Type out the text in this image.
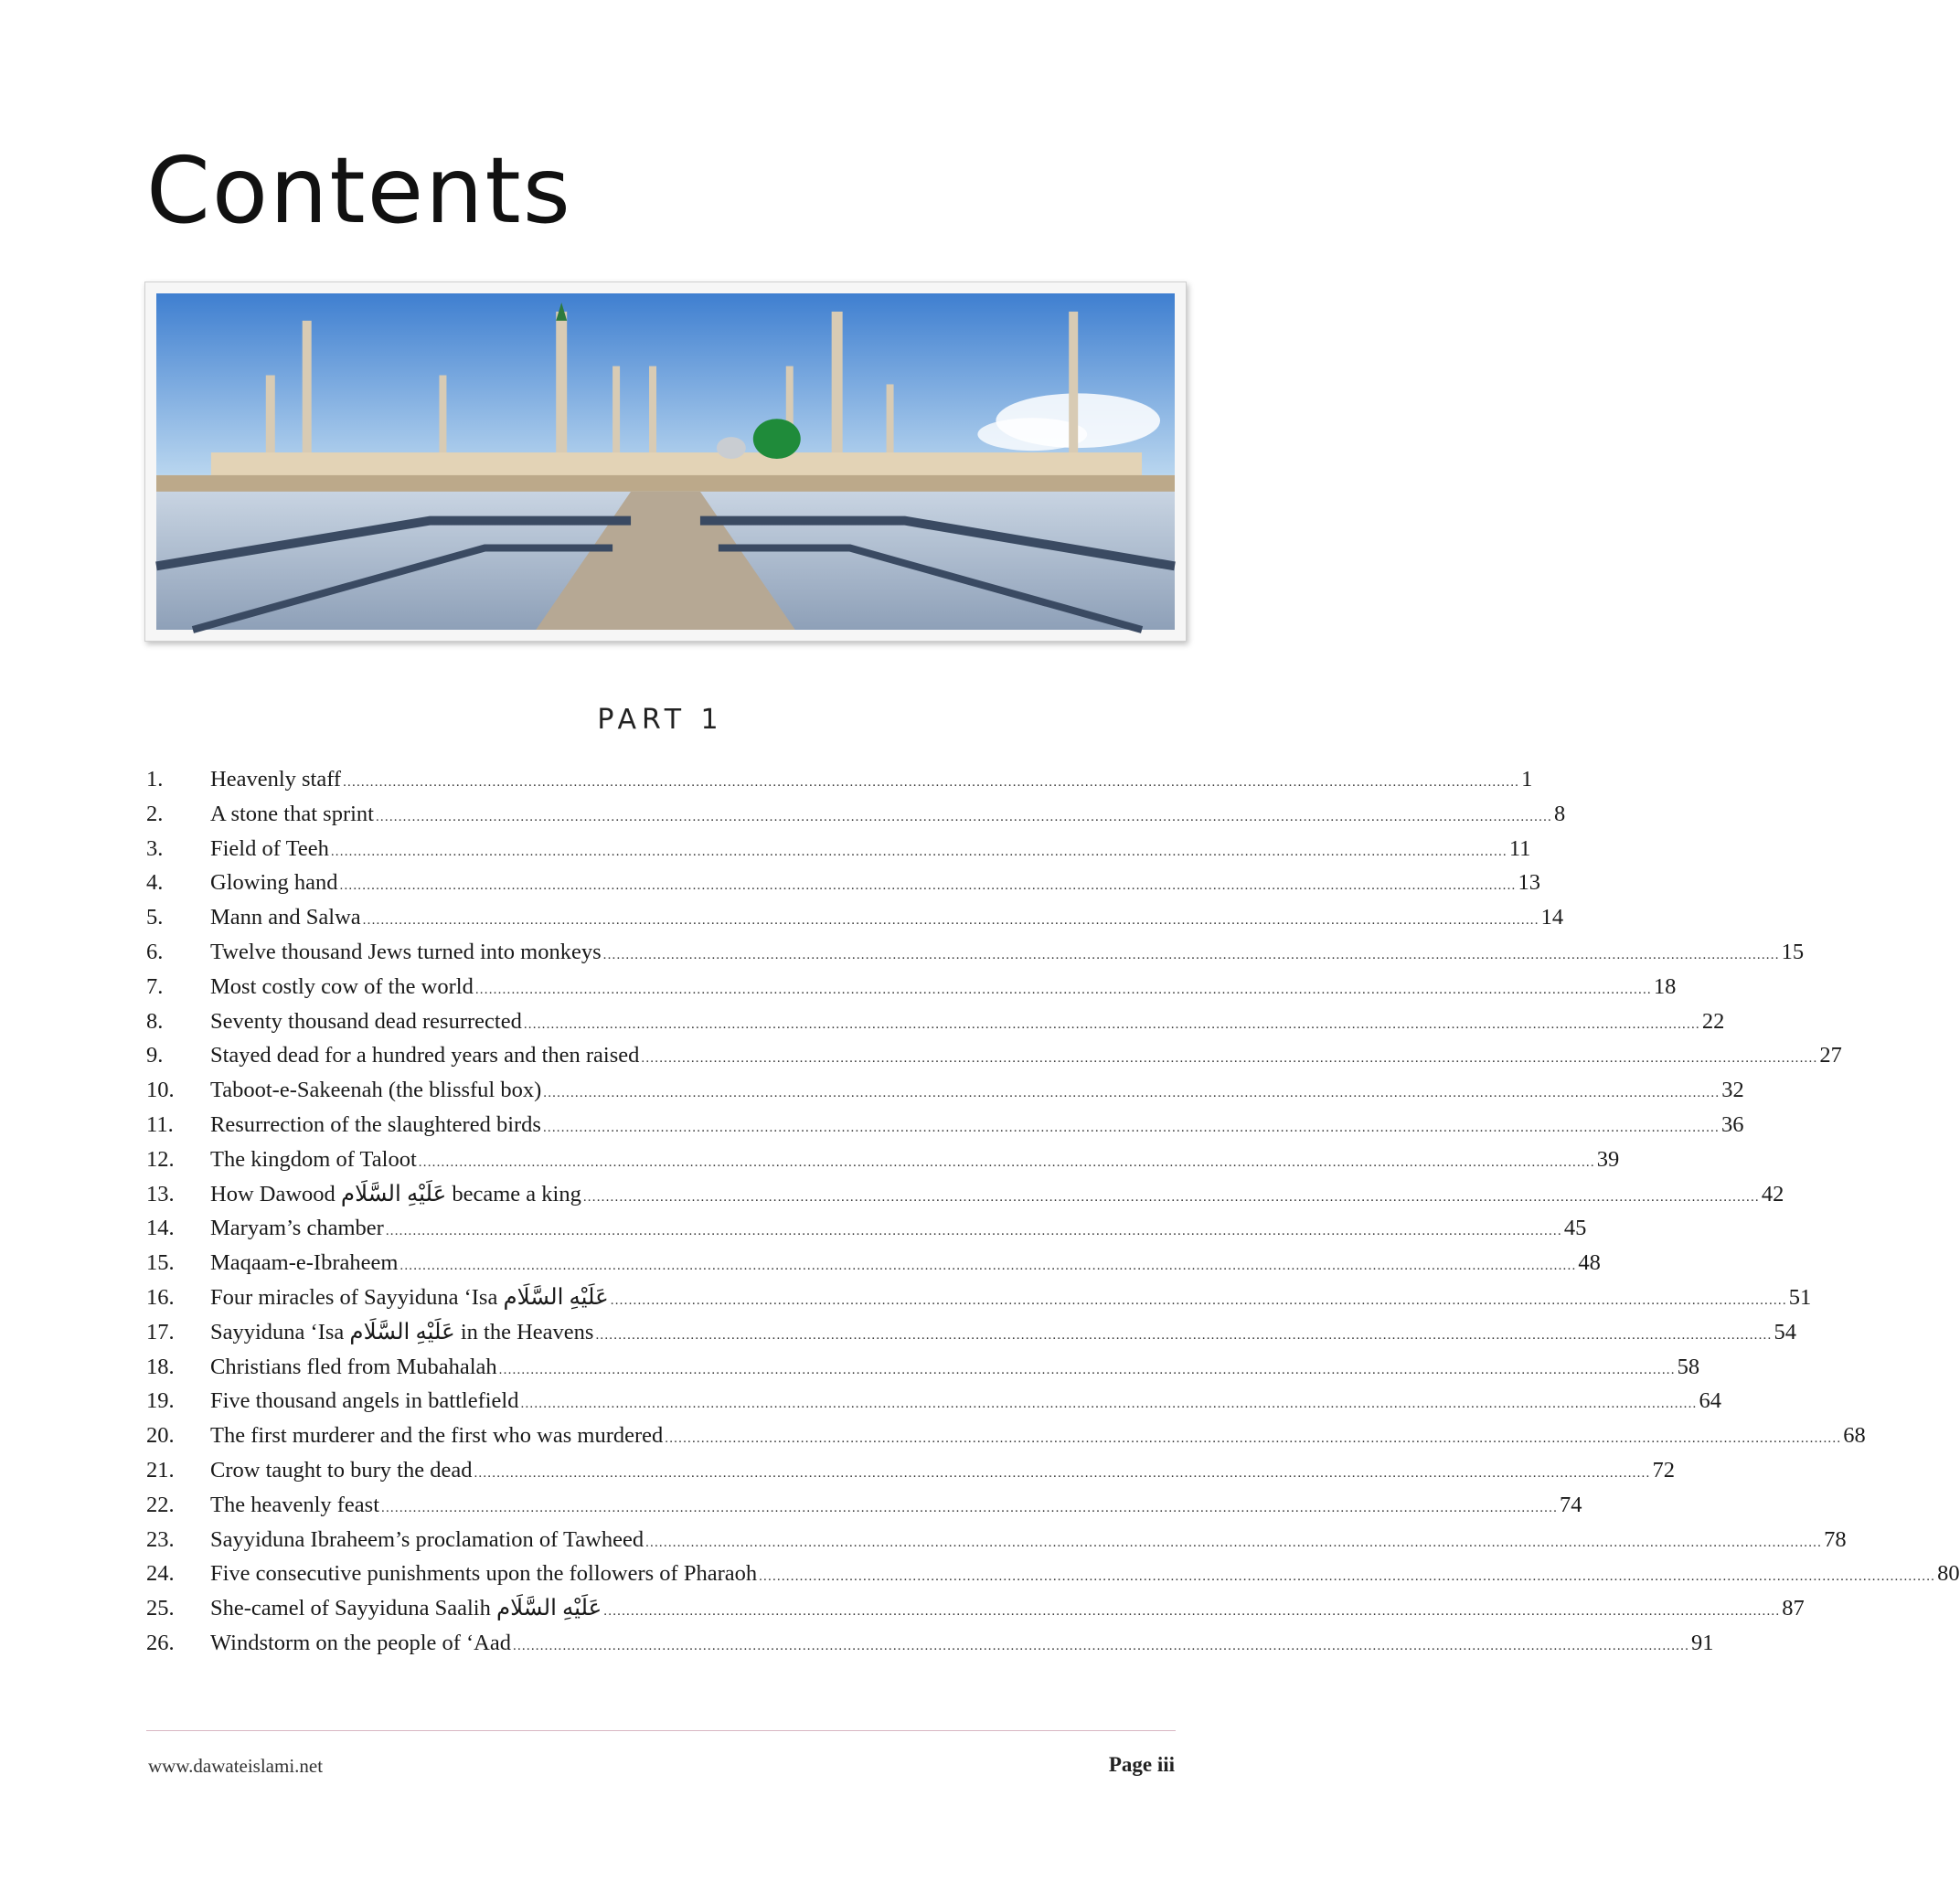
Contents
PART 1
1.	Heavenly staff .................................................................................................................................................................................................................................................................... 1
2.	A stone that sprint .................................................................................................................................................................................................................................................................... 8
3.	Field of Teeh .................................................................................................................................................................................................................................................................... 11
4.	Glowing hand .................................................................................................................................................................................................................................................................... 13
5.	Mann and Salwa .................................................................................................................................................................................................................................................................... 14
6.	Twelve thousand Jews turned into monkeys .................................................................................................................................................................................................................................................................... 15
7.	Most costly cow of the world .................................................................................................................................................................................................................................................................... 18
8.	Seventy thousand dead resurrected .................................................................................................................................................................................................................................................................... 22
9.	Stayed dead for a hundred years and then raised .................................................................................................................................................................................................................................................................... 27
10.	Taboot-e-Sakeenah (the blissful box) .................................................................................................................................................................................................................................................................... 32
11.	Resurrection of the slaughtered birds .................................................................................................................................................................................................................................................................... 36
12.	The kingdom of Taloot .................................................................................................................................................................................................................................................................... 39
13.	How Dawood عَلَیْهِ السَّلَام became a king .................................................................................................................................................................................................................................................................... 42
14.	Maryam’s chamber .................................................................................................................................................................................................................................................................... 45
15.	Maqaam-e-Ibraheem .................................................................................................................................................................................................................................................................... 48
16.	Four miracles of Sayyiduna ‘Isa عَلَیْهِ السَّلَام .................................................................................................................................................................................................................................................................... 51
17.	Sayyiduna ‘Isa عَلَیْهِ السَّلَام in the Heavens .................................................................................................................................................................................................................................................................... 54
18.	Christians fled from Mubahalah .................................................................................................................................................................................................................................................................... 58
19.	Five thousand angels in battlefield .................................................................................................................................................................................................................................................................... 64
20.	The first murderer and the first who was murdered .................................................................................................................................................................................................................................................................... 68
21.	Crow taught to bury the dead .................................................................................................................................................................................................................................................................... 72
22.	The heavenly feast .................................................................................................................................................................................................................................................................... 74
23.	Sayyiduna Ibraheem’s proclamation of Tawheed .................................................................................................................................................................................................................................................................... 78
24.	Five consecutive punishments upon the followers of Pharaoh .................................................................................................................................................................................................................................................................... 80
25.	She-camel of Sayyiduna Saalih عَلَیْهِ السَّلَام .................................................................................................................................................................................................................................................................... 87
26.	Windstorm on the people of ‘Aad .................................................................................................................................................................................................................................................................... 91
www.dawateislami.net	Page iii
